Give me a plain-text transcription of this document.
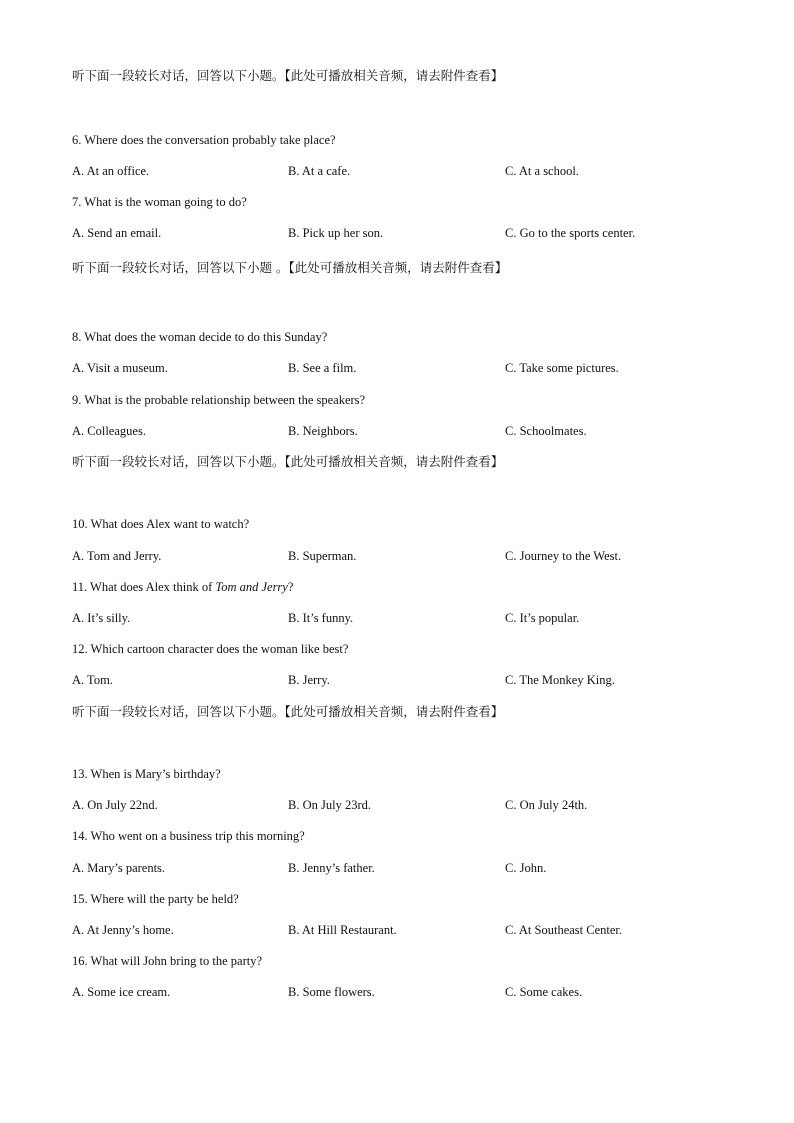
听下面一段较长对话，回答以下小题。【此处可播放相关音频，请去附件查看】
6. Where does the conversation probably take place?
A. At an office.	B. At a cafe.	C. At a school.
7. What is the woman going to do?
A. Send an email.	B. Pick up her son.	C. Go to the sports center.
听下面一段较长对话，回答以下小题 。【此处可播放相关音频，请去附件查看】
8. What does the woman decide to do this Sunday?
A. Visit a museum.	B. See a film.	C. Take some pictures.
9. What is the probable relationship between the speakers?
A. Colleagues.	B. Neighbors.	C. Schoolmates.
听下面一段较长对话，回答以下小题。【此处可播放相关音频，请去附件查看】
10. What does Alex want to watch?
A. Tom and Jerry.	B. Superman.	C. Journey to the West.
11. What does Alex think of Tom and Jerry?
A. It’s silly.	B. It’s funny.	C. It’s popular.
12. Which cartoon character does the woman like best?
A. Tom.	B. Jerry.	C. The Monkey King.
听下面一段较长对话，回答以下小题。【此处可播放相关音频，请去附件查看】
13. When is Mary’s birthday?
A. On July 22nd.	B. On July 23rd.	C. On July 24th.
14. Who went on a business trip this morning?
A. Mary’s parents.	B. Jenny’s father.	C. John.
15. Where will the party be held?
A. At Jenny’s home.	B. At Hill Restaurant.	C. At Southeast Center.
16. What will John bring to the party?
A. Some ice cream.	B. Some flowers.	C. Some cakes.
